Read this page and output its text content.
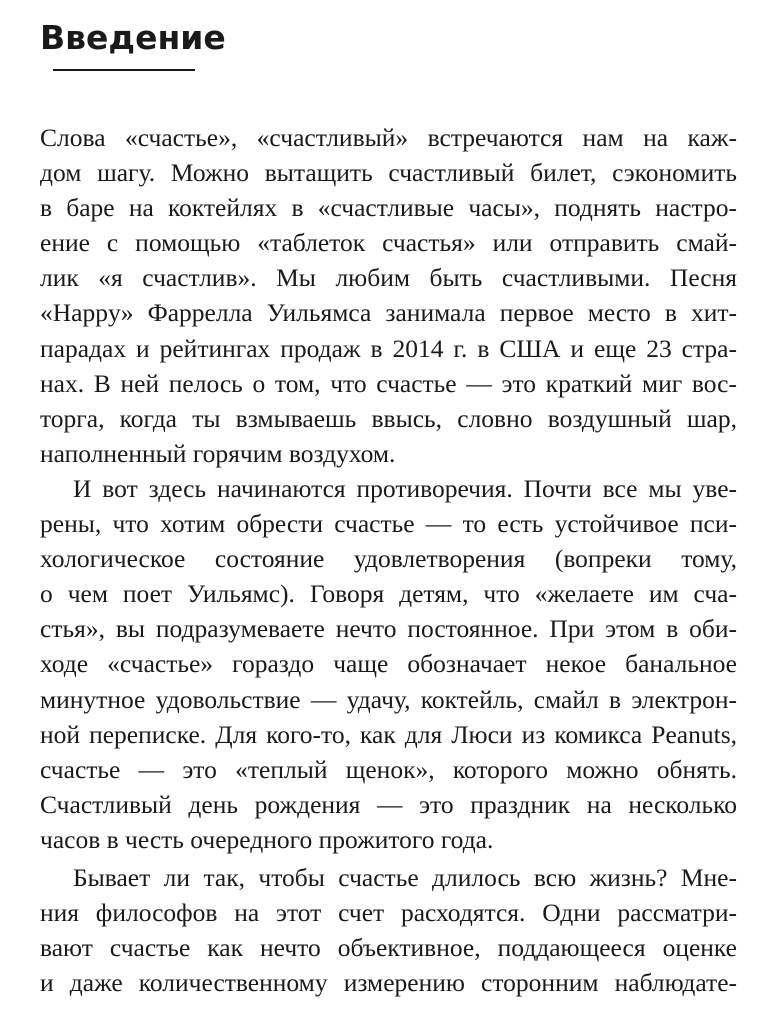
Введение

Слова «счастье», «счастливый» встречаются нам на каж-
дом шагу. Можно вытащить счастливый билет, сэкономить
в баре на коктейлях в «счастливые часы», поднять настро-
ение с помощью «таблеток счастья» или отправить смай-
лик «я счастлив». Мы любим быть счастливыми. Песня
«Happy» Фаррелла Уильямса занимала первое место в хит-
парадах и рейтингах продаж в 2014 г. в США и еще 23 стра-
нах. В ней пелось о том, что счастье — это краткий миг вос-
торга, когда ты взмываешь ввысь, словно воздушный шар,
наполненный горячим воздухом.

И вот здесь начинаются противоречия. Почти все мы уве-
рены, что хотим обрести счастье — то есть устойчивое пси-
хологическое состояние удовлетворения (вопреки тому,
о чем поет Уильямс). Говоря детям, что «желаете им сча-
стья», вы подразумеваете нечто постоянное. При этом в оби-
ходе «счастье» гораздо чаще обозначает некое банальное
минутное удовольствие — удачу, коктейль, смайл в электрон-
ной переписке. Для кого-то, как для Люси из комикса Peanuts,
счастье — это «теплый щенок», которого можно обнять.
Счастливый день рождения — это праздник на несколько
часов в честь очередного прожитого года.

Бывает ли так, чтобы счастье длилось всю жизнь? Мне-
ния философов на этот счет расходятся. Одни рассматри-
вают счастье как нечто объективное, поддающееся оценке
и даже количественному измерению сторонним наблюдате-
